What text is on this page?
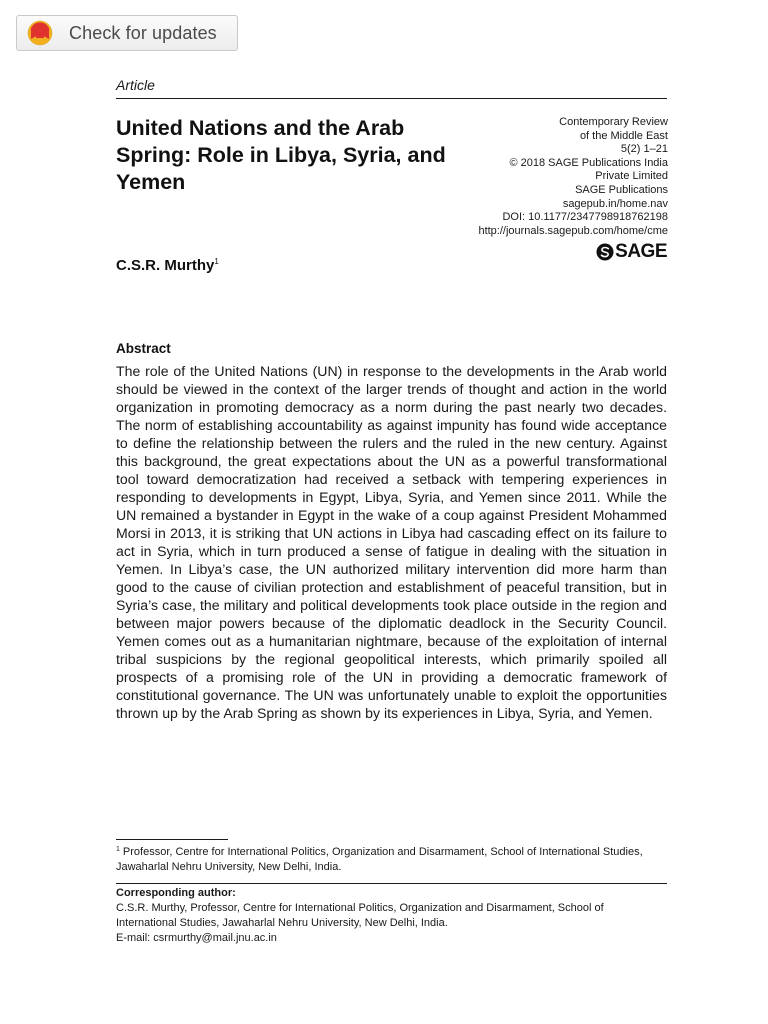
Check for updates
Article
United Nations and the Arab Spring: Role in Libya, Syria, and Yemen
Contemporary Review
of the Middle East
5(2) 1–21
© 2018 SAGE Publications India
Private Limited
SAGE Publications
sagepub.in/home.nav
DOI: 10.1177/2347798918762198
http://journals.sagepub.com/home/cme
SAGE
C.S.R. Murthy$^1$
Abstract

The role of the United Nations (UN) in response to the developments in the Arab world should be viewed in the context of the larger trends of thought and action in the world organization in promoting democracy as a norm during the past nearly two decades. The norm of establishing accountability as against impunity has found wide acceptance to define the relationship between the rulers and the ruled in the new century. Against this background, the great expectations about the UN as a powerful transformational tool toward democratization had received a setback with tempering experiences in responding to developments in Egypt, Libya, Syria, and Yemen since 2011. While the UN remained a bystander in Egypt in the wake of a coup against President Mohammed Morsi in 2013, it is striking that UN actions in Libya had cascading effect on its failure to act in Syria, which in turn produced a sense of fatigue in dealing with the situation in Yemen. In Libya’s case, the UN authorized military intervention did more harm than good to the cause of civilian protection and establishment of peaceful transition, but in Syria’s case, the military and political developments took place outside in the region and between major powers because of the diplomatic deadlock in the Security Council. Yemen comes out as a humanitarian nightmare, because of the exploitation of internal tribal suspicions by the regional geopolitical interests, which primarily spoiled all prospects of a promising role of the UN in providing a democratic framework of constitutional governance. The UN was unfortunately unable to exploit the opportunities thrown up by the Arab Spring as shown by its experiences in Libya, Syria, and Yemen.

$^1$ Professor, Centre for International Politics, Organization and Disarmament, School of International Studies, Jawaharlal Nehru University, New Delhi, India.
Corresponding author:
C.S.R. Murthy, Professor, Centre for International Politics, Organization and Disarmament, School of International Studies, Jawaharlal Nehru University, New Delhi, India.
E-mail: csrmurthy@mail.jnu.ac.in
